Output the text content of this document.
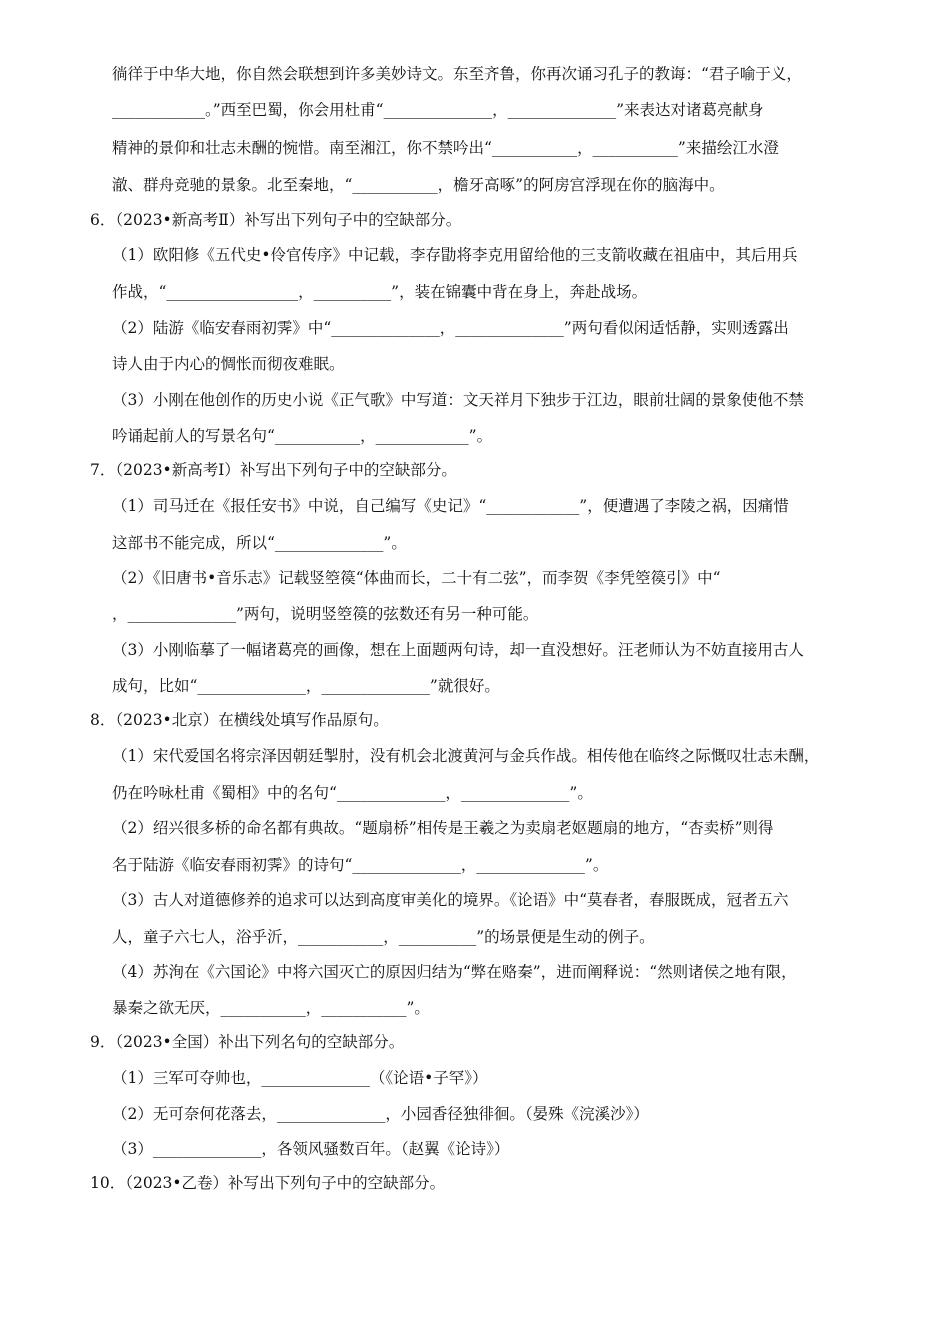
徜徉于中华大地，你自然会联想到许多美妙诗文。东至齐鲁，你再次诵习孔子的教诲：“君子喻于义，
____________。”西至巴蜀，你会用杜甫“______________，______________”来表达对诸葛亮献身
精神的景仰和壮志未酬的惋惜。南至湘江，你不禁吟出“___________，___________”来描绘江水澄
澈、群舟竞驰的景象。北至秦地，“___________，檐牙高啄”的阿房宫浮现在你的脑海中。
6．（2023•新高考Ⅱ）补写出下列句子中的空缺部分。
（1）欧阳修《五代史•伶官传序》中记载，李存勖将李克用留给他的三支箭收藏在祖庙中，其后用兵
作战，“_________________，__________”，装在锦囊中背在身上，奔赴战场。
（2）陆游《临安春雨初霁》中“______________，______________”两句看似闲适恬静，实则透露出
诗人由于内心的惆怅而彻夜难眠。
（3）小刚在他创作的历史小说《正气歌》中写道：文天祥月下独步于江边，眼前壮阔的景象使他不禁
吟诵起前人的写景名句“___________，____________”。
7．（2023•新高考Ⅰ）补写出下列句子中的空缺部分。
（1）司马迁在《报任安书》中说，自己编写《史记》“____________”，便遭遇了李陵之祸，因痛惜
这部书不能完成，所以“______________”。
（2）《旧唐书•音乐志》记载竖箜篌“体曲而长，二十有二弦”，而李贺《李凭箜篌引》中“
，______________”两句，说明竖箜篌的弦数还有另一种可能。
（3）小刚临摹了一幅诸葛亮的画像，想在上面题两句诗，却一直没想好。汪老师认为不妨直接用古人
成句，比如“______________，______________”就很好。
8．（2023•北京）在横线处填写作品原句。
（1）宋代爱国名将宗泽因朝廷掣肘，没有机会北渡黄河与金兵作战。相传他在临终之际慨叹壮志未酬，
仍在吟咏杜甫《蜀相》中的名句“______________，______________”。
（2）绍兴很多桥的命名都有典故。“题扇桥”相传是王羲之为卖扇老妪题扇的地方，“杏卖桥”则得
名于陆游《临安春雨初霁》的诗句“______________，______________”。
（3）古人对道德修养的追求可以达到高度审美化的境界。《论语》中“莫春者，春服既成，冠者五六
人，童子六七人，浴乎沂，___________，__________”的场景便是生动的例子。
（4）苏洵在《六国论》中将六国灭亡的原因归结为“弊在赂秦”，进而阐释说：“然则诸侯之地有限，
暴秦之欲无厌，___________，___________”。
9．（2023•全国）补出下列名句的空缺部分。
（1）三军可夺帅也，______________（《论语•子罕》）
（2）无可奈何花落去，______________，小园香径独徘徊。（晏殊《浣溪沙》）
（3）______________，各领风骚数百年。（赵翼《论诗》）
10．（2023•乙卷）补写出下列句子中的空缺部分。
